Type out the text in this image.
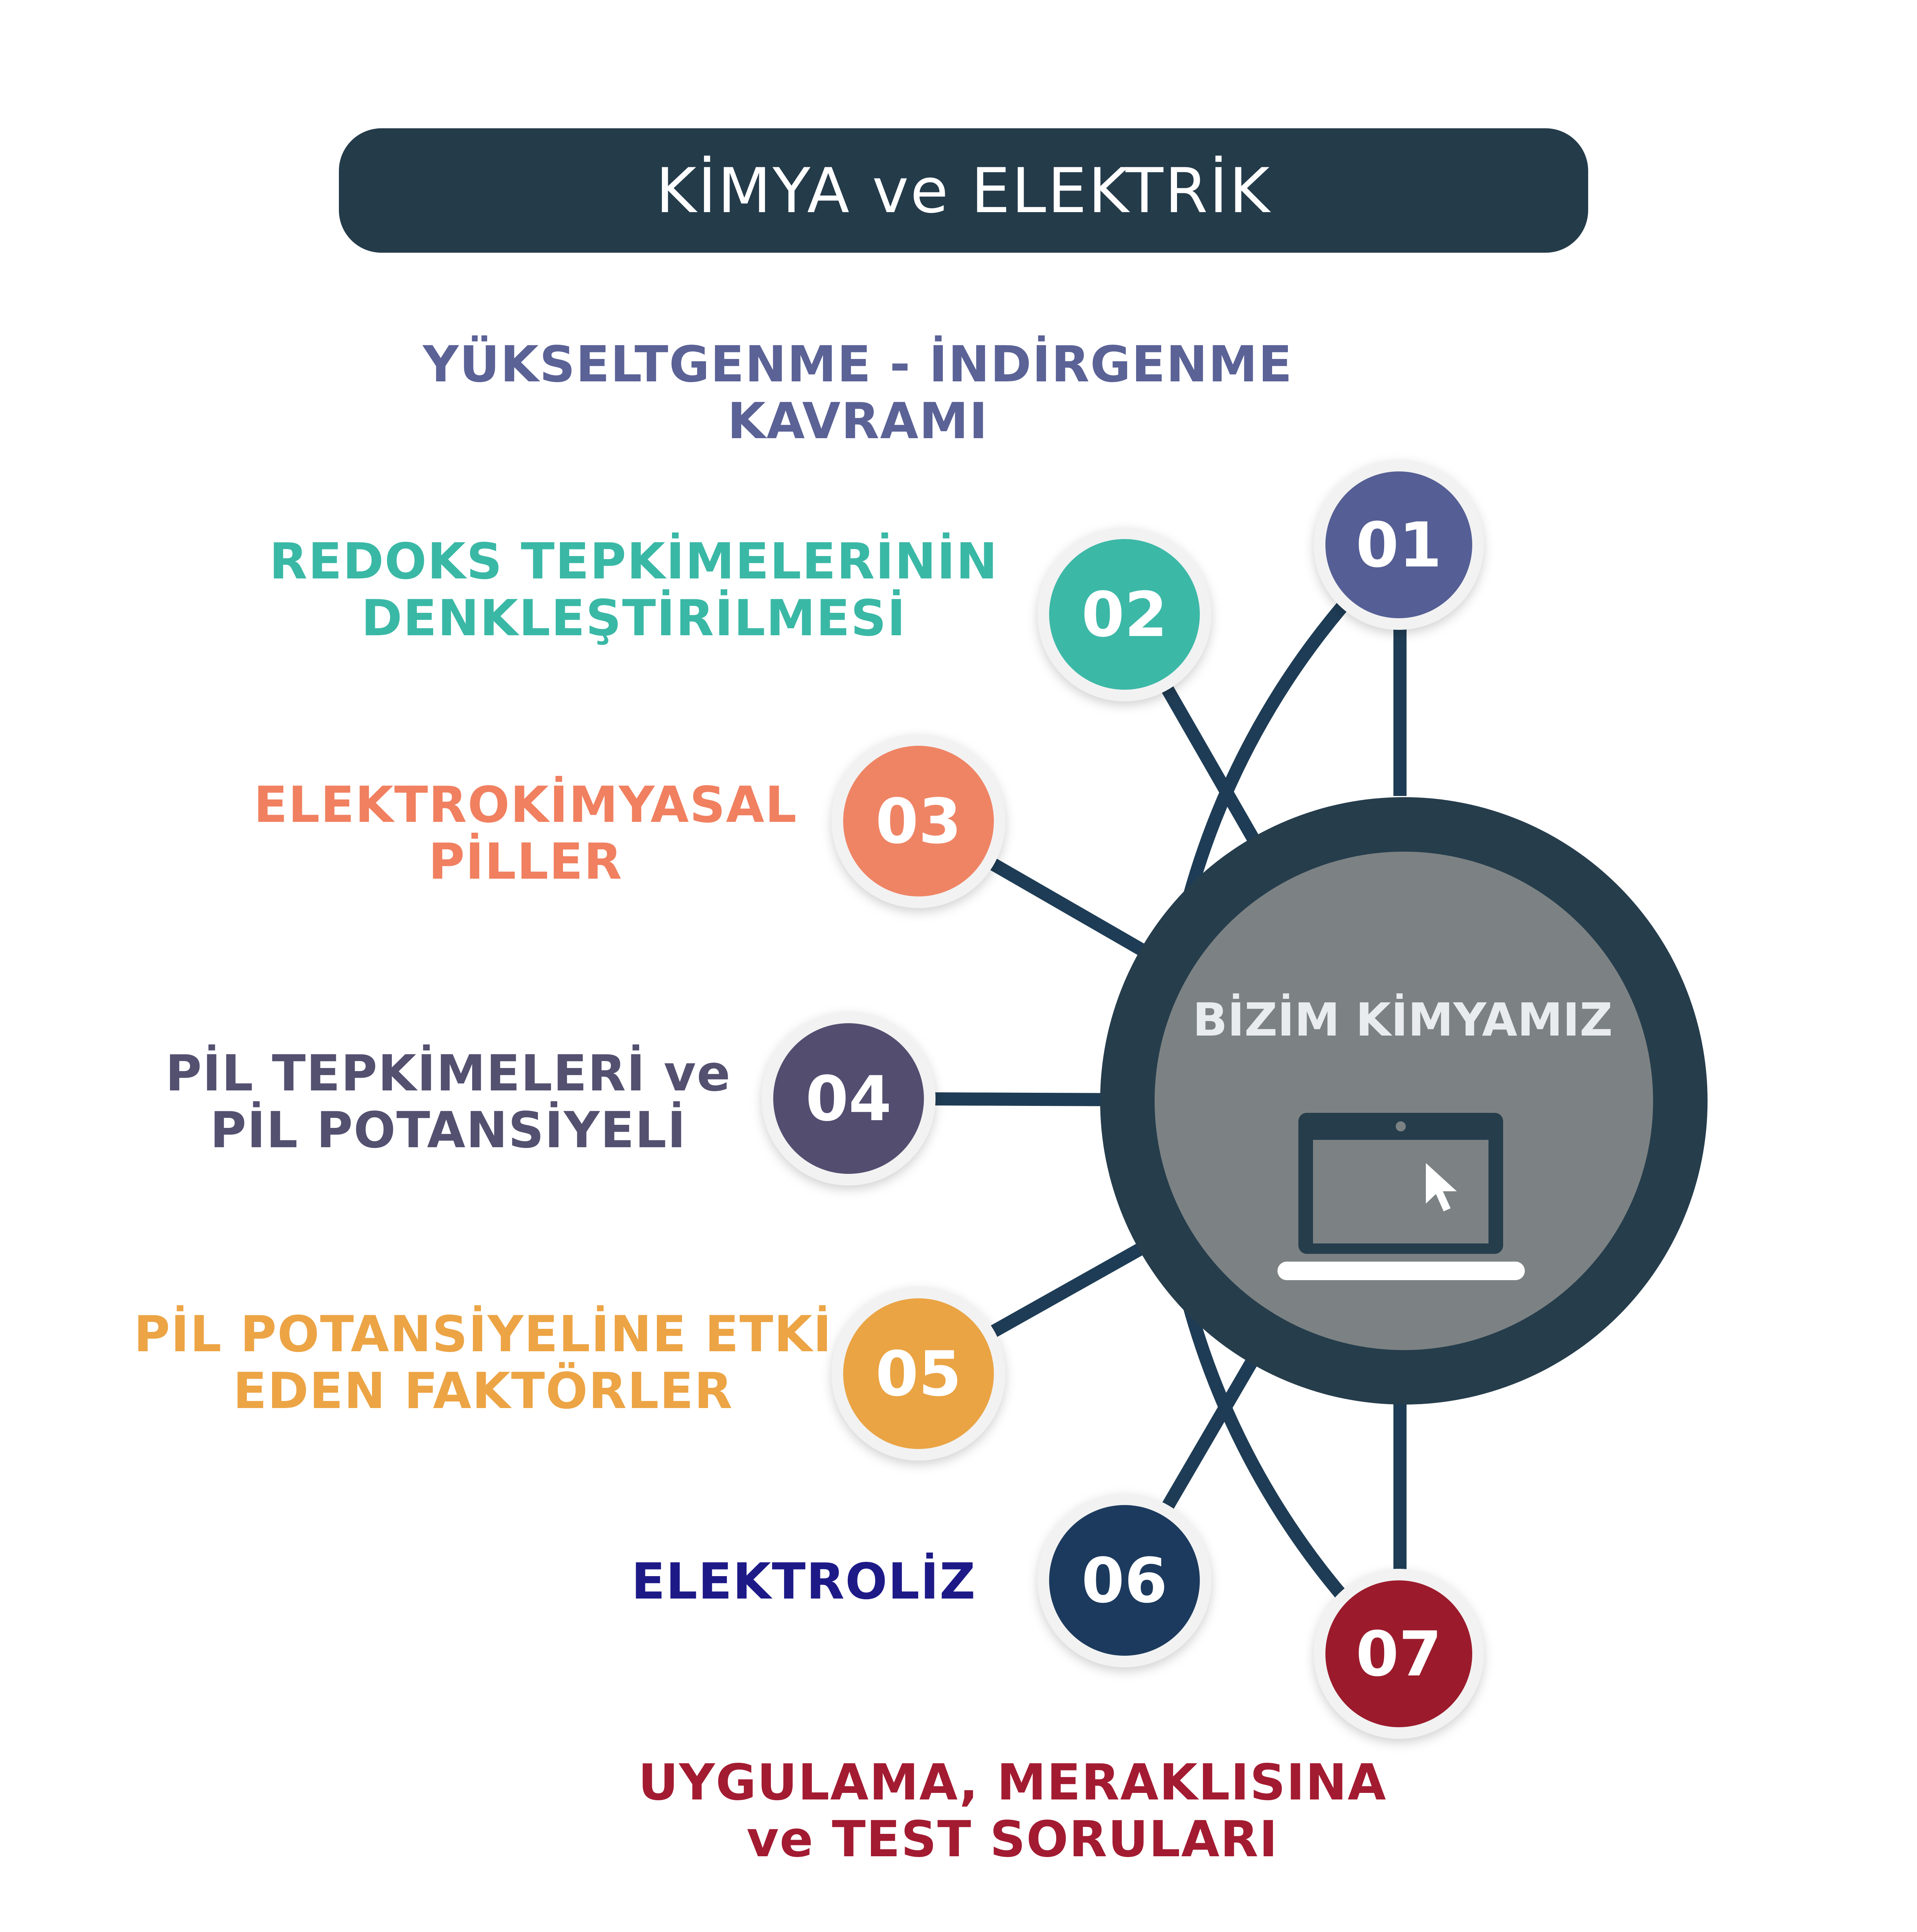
KİMYA ve ELEKTRİK
BİZİM KİMYAMIZ
01
02
03
04
05
06
07
YÜKSELTGENME - İNDİRGENME
KAVRAMI
REDOKS TEPKİMELERİNİN
DENKLEŞTİRİLMESİ
ELEKTROKİMYASAL
PİLLER
PİL TEPKİMELERİ ve
PİL POTANSİYELİ
PİL POTANSİYELİNE ETKİ
EDEN FAKTÖRLER
ELEKTROLİZ
UYGULAMA, MERAKLISINA
ve TEST SORULARI
